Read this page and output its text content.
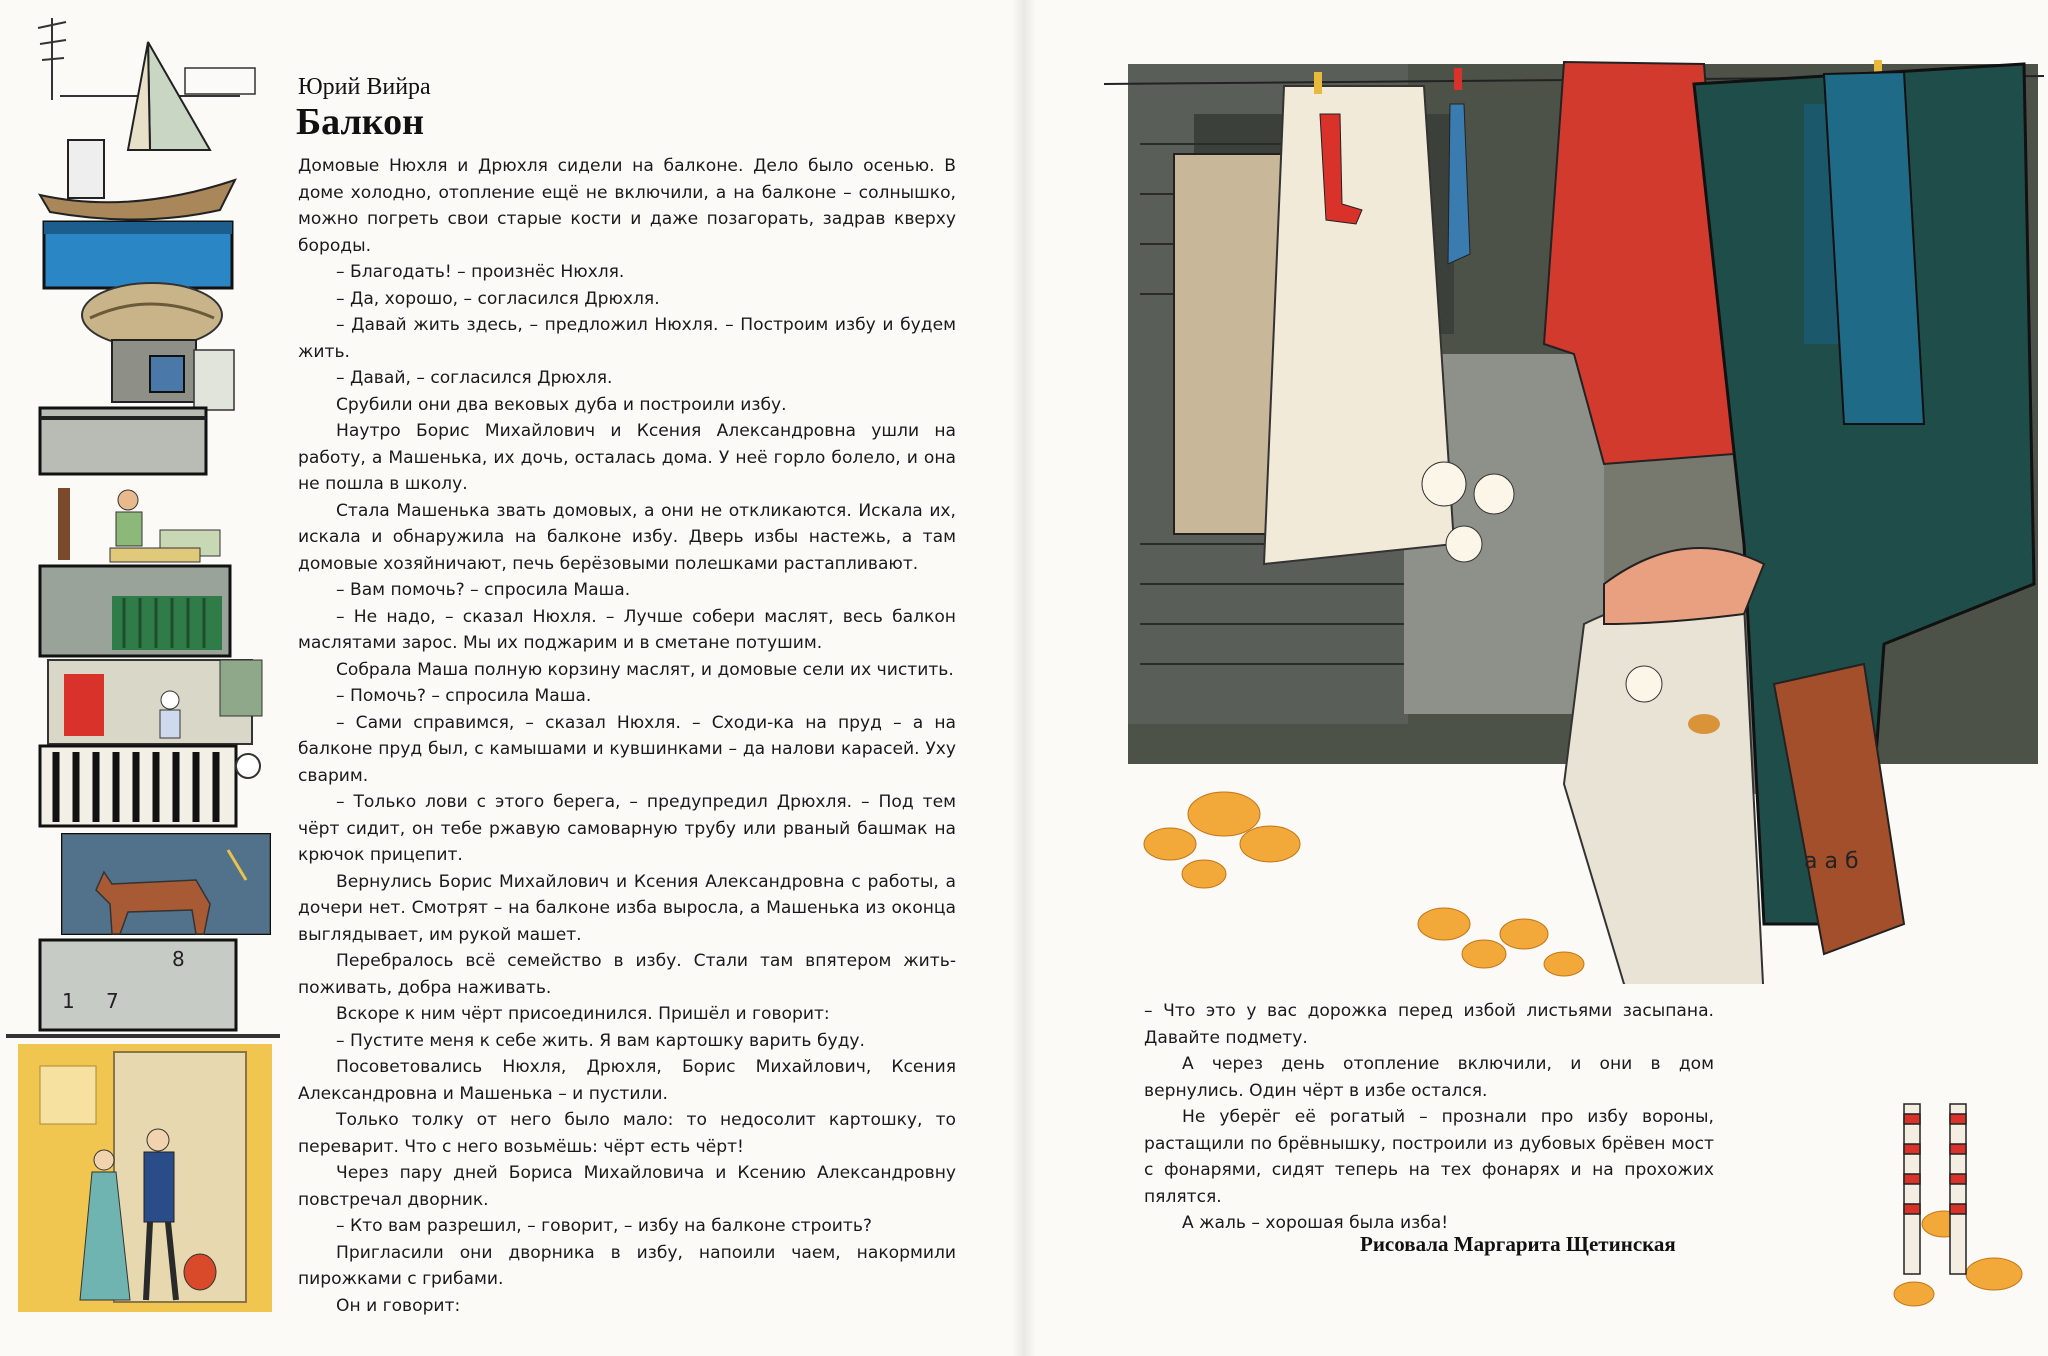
8
7
1
Юрий Вийра
Балкон

Домовые Нюхля и Дрюхля сидели на балконе. Дело было осенью. В доме холодно, отопление ещё не включили, а на балконе – солнышко, можно погреть свои старые кости и даже позагорать, задрав кверху бороды.

– Благодать! – произнёс Нюхля.

– Да, хорошо, – согласился Дрюхля.

– Давай жить здесь, – предложил Нюхля. – Построим избу и будем жить.

– Давай, – согласился Дрюхля.

Срубили они два вековых дуба и построили избу.

Наутро Борис Михайлович и Ксения Александровна ушли на работу, а Машенька, их дочь, осталась дома. У неё горло болело, и она не пошла в школу.

Стала Машенька звать домовых, а они не откликаются. Искала их, искала и обнаружила на балконе избу. Дверь избы настежь, а там домовые хозяйничают, печь берёзовыми полешками растапливают.

– Вам помочь? – спросила Маша.

– Не надо, – сказал Нюхля. – Лучше собери маслят, весь балкон маслятами зарос. Мы их поджарим и в сметане потушим.

Собрала Маша полную корзину маслят, и домовые сели их чистить.

– Помочь? – спросила Маша.

– Сами справимся, – сказал Нюхля. – Сходи-ка на пруд – а на балконе пруд был, с камышами и кувшинками – да налови карасей. Уху сварим.

– Только лови с этого берега, – предупредил Дрюхля. – Под тем чёрт сидит, он тебе ржавую самоварную трубу или рваный башмак на крючок прицепит.

Вернулись Борис Михайлович и Ксения Александровна с работы, а дочери нет. Смотрят – на балконе изба выросла, а Машенька из оконца выглядывает, им рукой машет.

Перебралось всё семейство в избу. Стали там впятером жить-поживать, добра наживать.

Вскоре к ним чёрт присоединился. Пришёл и говорит:

– Пустите меня к себе жить. Я вам картошку варить буду.

Посоветовались Нюхля, Дрюхля, Борис Михайлович, Ксения Александровна и Машенька – и пустили.

Только толку от него было мало: то недосолит картошку, то переварит. Что с него возьмёшь: чёрт есть чёрт!

Через пару дней Бориса Михайловича и Ксению Александровну повстречал дворник.

– Кто вам разрешил, – говорит, – избу на балконе строить?

Пригласили они дворника в избу, напоили чаем, накормили пирожками с грибами.

Он и говорит:

а а б

– Что это у вас дорожка перед избой листьями засыпана. Давайте подмету.

А через день отопление включили, и они в дом вернулись. Один чёрт в избе остался.

Не уберёг её рогатый – прознали про избу вороны, растащили по брёвнышку, построили из дубовых брёвен мост с фонарями, сидят теперь на тех фонарях и на прохожих пялятся.

А жаль – хорошая была изба!

Рисовала Маргарита Щетинская
